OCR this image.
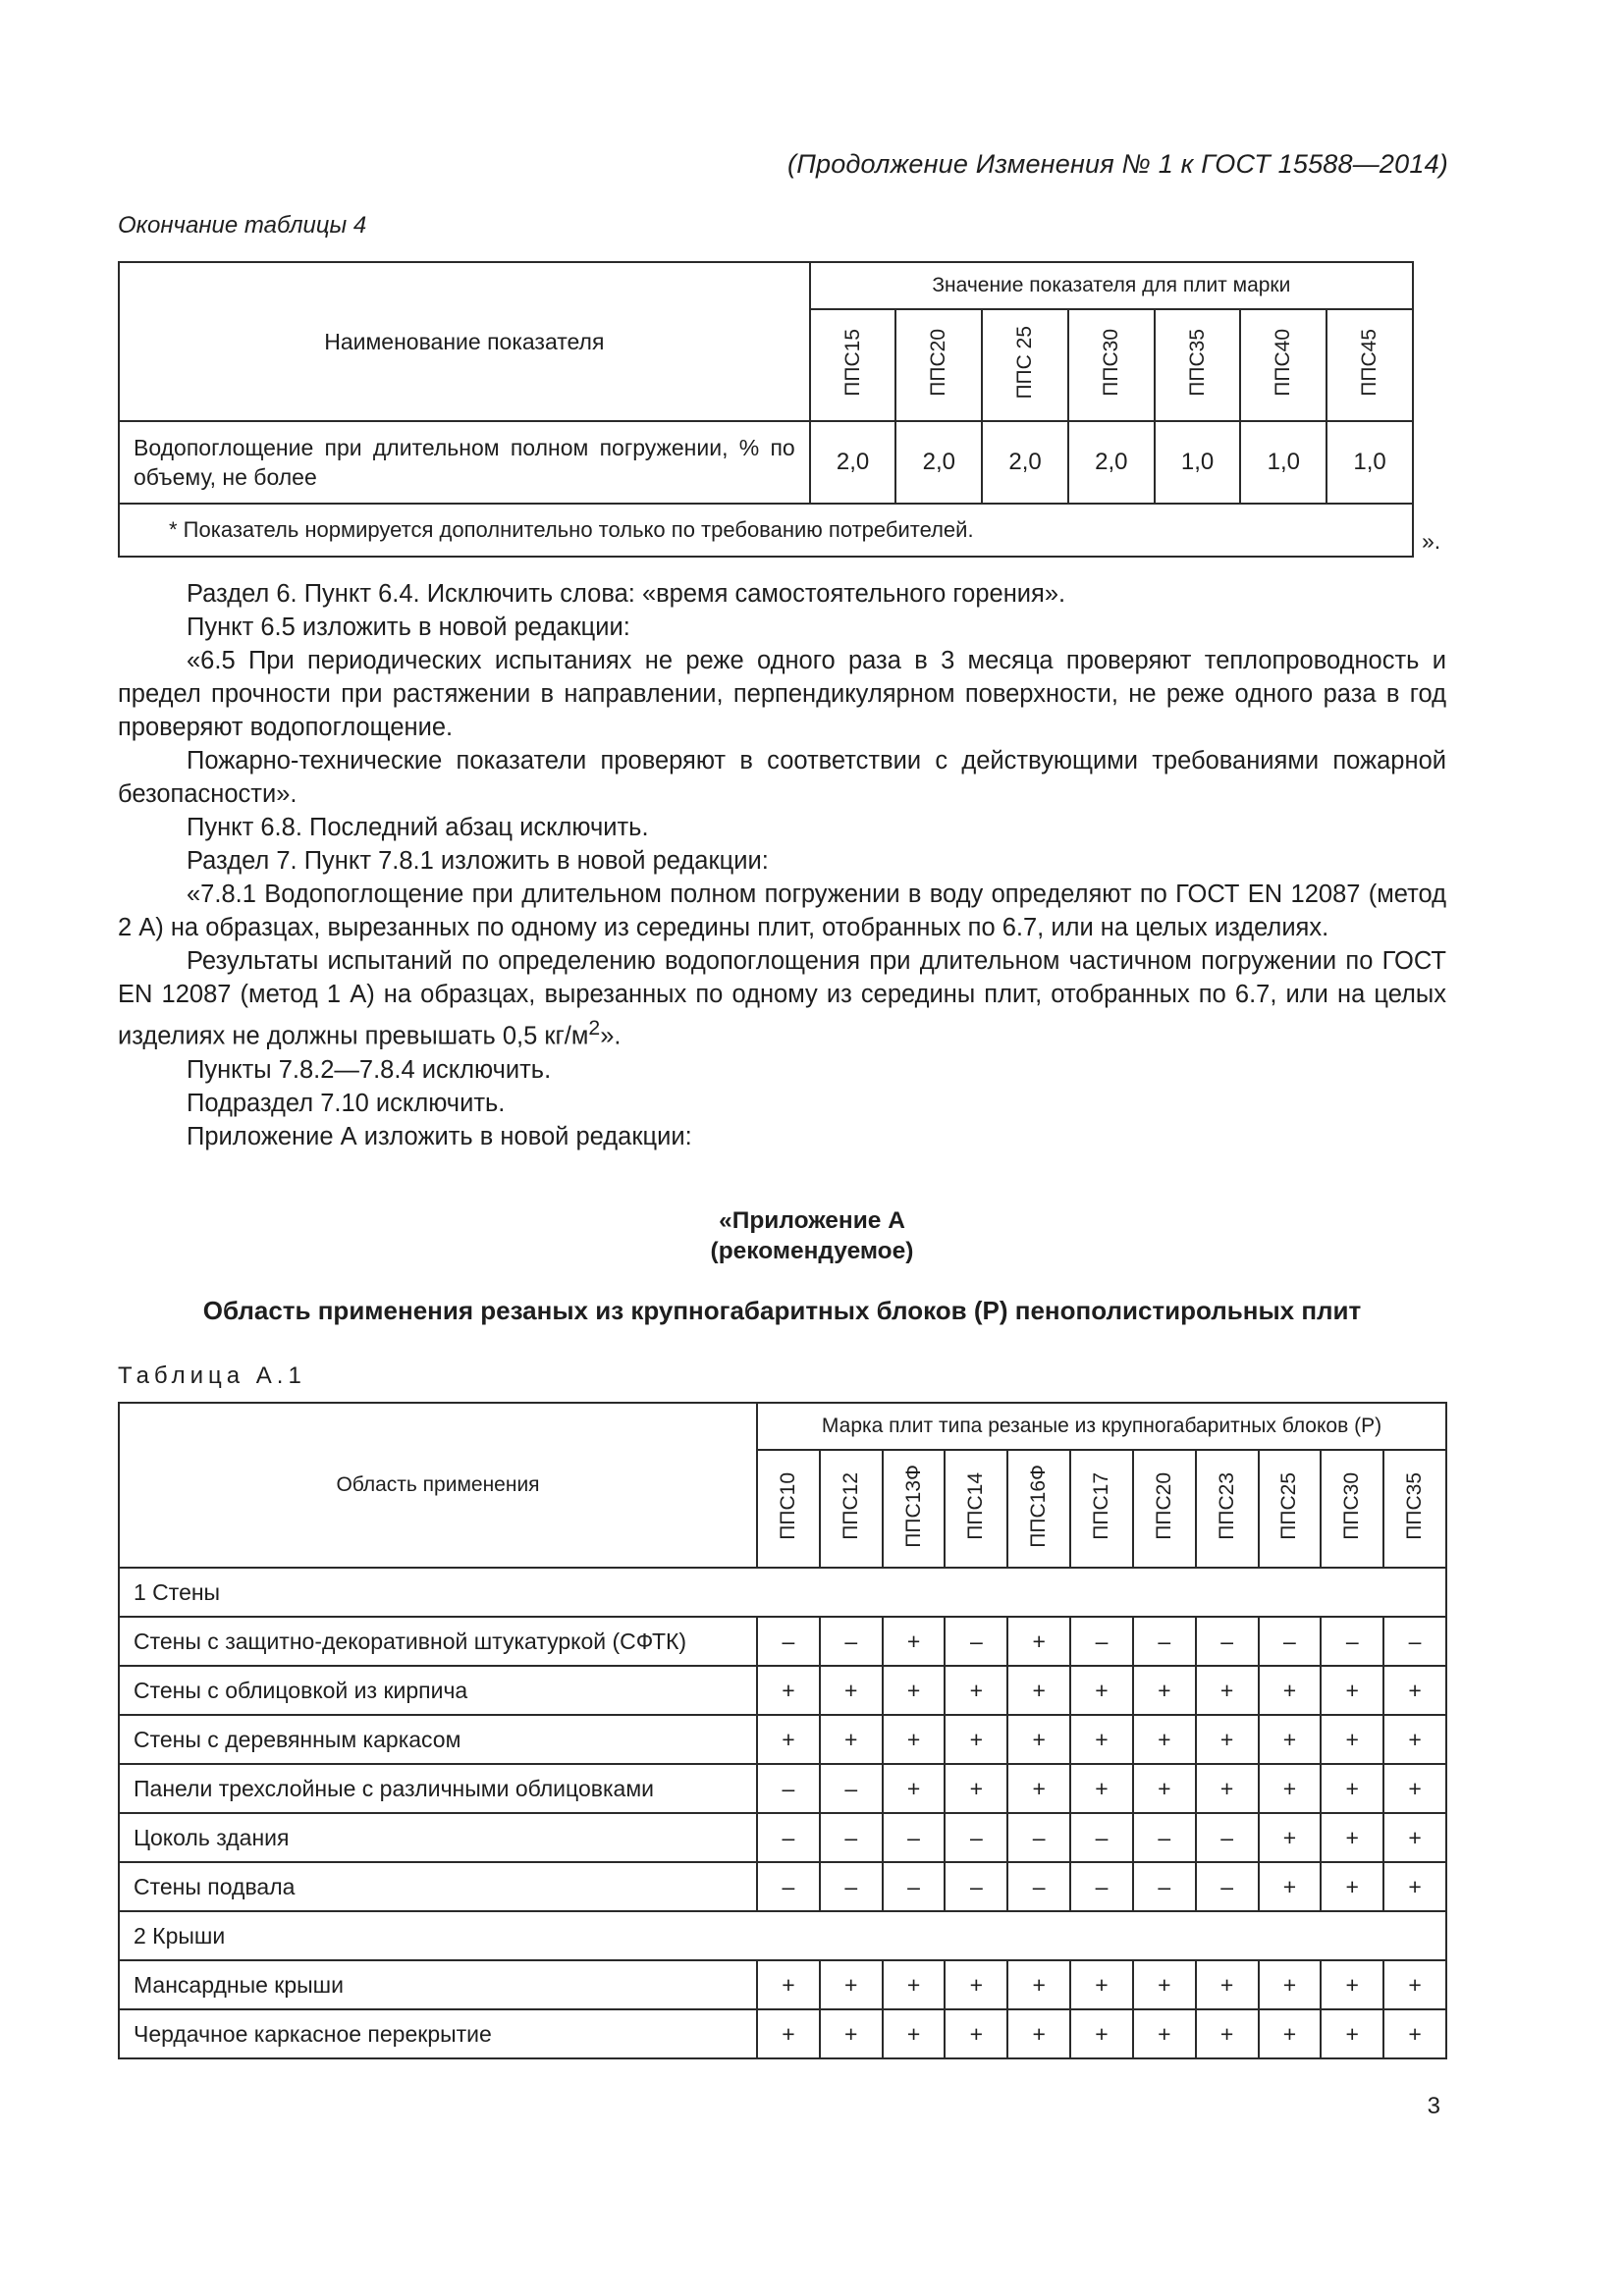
(Продолжение Изменения № 1 к ГОСТ 15588—2014)
Окончание таблицы 4
Наименование показателя	Значение показателя для плит марки						
	ППС15	ППС20	ППС 25	ППС30	ППС35	ППС40	ППС45
Водопоглощение при длительном полном погружении, % по объему, не более	2,0	2,0	2,0	2,0	1,0	1,0	1,0
* Показатель нормируется дополнительно только по требованию потребителей.								».

Раздел 6. Пункт 6.4. Исключить слова: «время самостоятельного горения».

Пункт 6.5 изложить в новой редакции:

«6.5 При периодических испытаниях не реже одного раза в 3 месяца проверяют теплопроводность и предел прочности при растяжении в направлении, перпендикулярном поверхности, не реже одного раза в год проверяют водопоглощение.

Пожарно-технические показатели проверяют в соответствии с действующими требованиями пожарной безопасности».

Пункт 6.8. Последний абзац исключить.

Раздел 7. Пункт 7.8.1 изложить в новой редакции:

«7.8.1 Водопоглощение при длительном полном погружении в воду определяют по ГОСТ EN 12087 (метод 2 А) на образцах, вырезанных по одному из середины плит, отобранных по 6.7, или на целых изделиях.

Результаты испытаний по определению водопоглощения при длительном частичном погружении по ГОСТ EN 12087 (метод 1 А) на образцах, вырезанных по одному из середины плит, отобранных по 6.7, или на целых изделиях не должны превышать 0,5 $кг/м^2$».

Пункты 7.8.2—7.8.4 исключить.

Подраздел 7.10 исключить.

Приложение А изложить в новой редакции:

«Приложение А
(рекомендуемое)
Область применения резаных из крупногабаритных блоков (Р) пенополистирольных плит
Таблица А.1
Область применения	Марка плит типа резаные из крупногабаритных блоков (Р)										
	ППС10	ППС12	ППС13Ф	ППС14	ППС16Ф	ППС17	ППС20	ППС23	ППС25	ППС30	ППС35
1 Стены											
Стены с защитно-декоративной штукатуркой (СФТК)	–	–	+	–	+	–	–	–	–	–	–
Стены с облицовкой из кирпича	+	+	+	+	+	+	+	+	+	+	+
Стены с деревянным каркасом	+	+	+	+	+	+	+	+	+	+	+
Панели трехслойные с различными облицовками	–	–	+	+	+	+	+	+	+	+	+
Цоколь здания	–	–	–	–	–	–	–	–	+	+	+
Стены подвала	–	–	–	–	–	–	–	–	+	+	+
2 Крыши											
Мансардные крыши	+	+	+	+	+	+	+	+	+	+	+
Чердачное каркасное перекрытие	+	+	+	+	+	+	+	+	+	+	+
3
